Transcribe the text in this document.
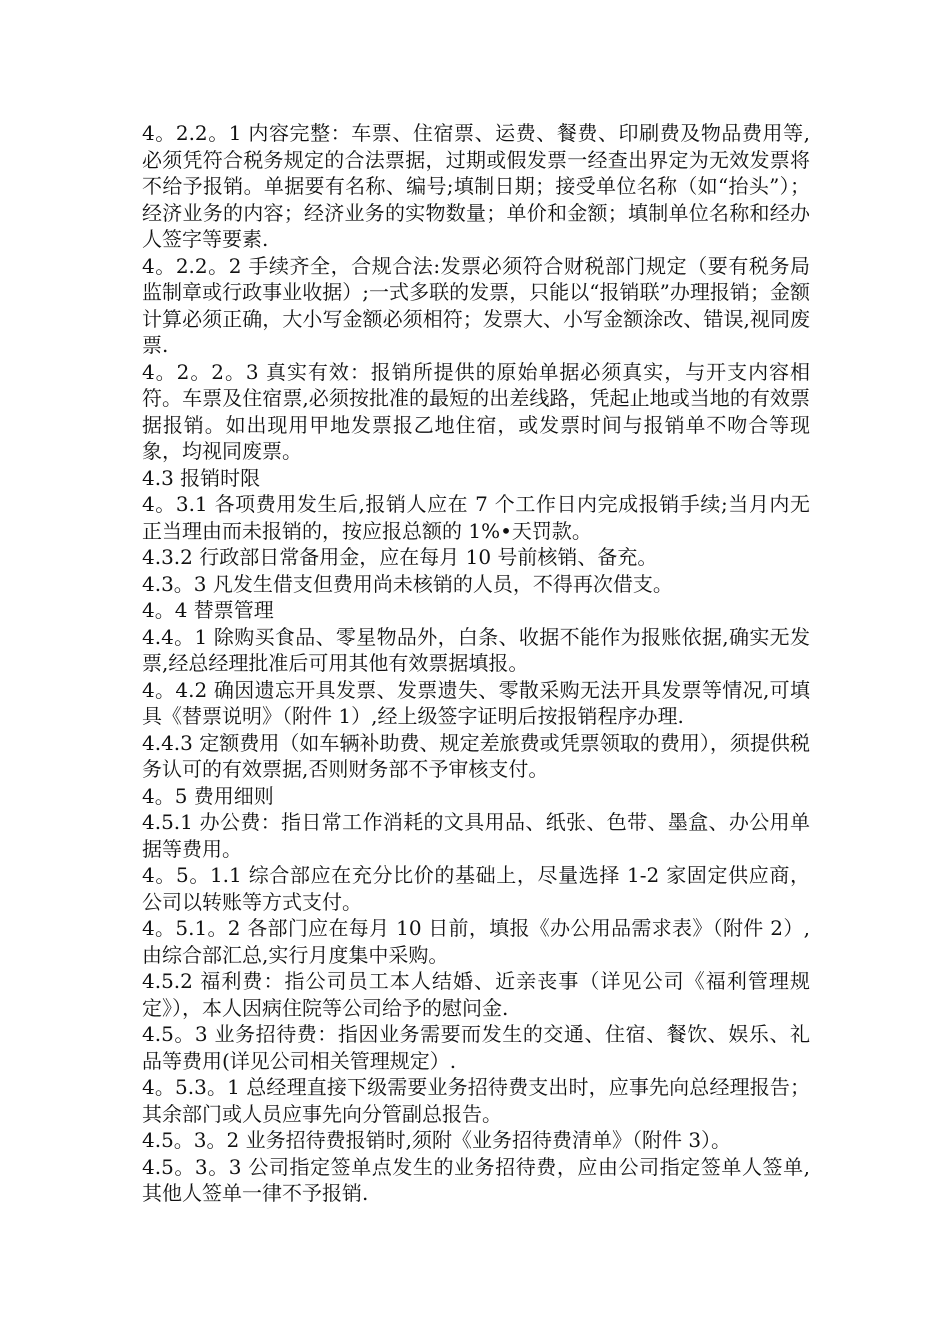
4。2.2。1 内容完整：车票、住宿票、运费、餐费、印刷费及物品费用等,必须凭符合税务规定的合法票据，过期或假发票一经查出界定为无效发票将不给予报销。单据要有名称、编号;填制日期；接受单位名称（如“抬头”）；经济业务的内容；经济业务的实物数量；单价和金额；填制单位名称和经办人签字等要素.

4。2.2。2 手续齐全，合规合法:发票必须符合财税部门规定（要有税务局监制章或行政事业收据）;一式多联的发票，只能以“报销联”办理报销；金额计算必须正确，大小写金额必须相符；发票大、小写金额涂改、错误,视同废票.

4。2。2。3 真实有效：报销所提供的原始单据必须真实，与开支内容相符。车票及住宿票,必须按批准的最短的出差线路，凭起止地或当地的有效票据报销。如出现用甲地发票报乙地住宿，或发票时间与报销单不吻合等现象，均视同废票。

4.3 报销时限

4。3.1 各项费用发生后,报销人应在 7 个工作日内完成报销手续;当月内无正当理由而未报销的，按应报总额的 1%•天罚款。

4.3.2 行政部日常备用金，应在每月 10 号前核销、备充。

4.3。3 凡发生借支但费用尚未核销的人员，不得再次借支。

4。4 替票管理

4.4。1 除购买食品、零星物品外，白条、收据不能作为报账依据,确实无发票,经总经理批准后可用其他有效票据填报。

4。4.2 确因遗忘开具发票、发票遗失、零散采购无法开具发票等情况,可填具《替票说明》（附件 1）,经上级签字证明后按报销程序办理.

4.4.3 定额费用（如车辆补助费、规定差旅费或凭票领取的费用），须提供税务认可的有效票据,否则财务部不予审核支付。

4。5 费用细则

4.5.1 办公费：指日常工作消耗的文具用品、纸张、色带、墨盒、办公用单据等费用。

4。5。1.1 综合部应在充分比价的基础上，尽量选择 1-2 家固定供应商，公司以转账等方式支付。

4。5.1。2 各部门应在每月 10 日前，填报《办公用品需求表》（附件 2）,由综合部汇总,实行月度集中采购。

4.5.2 福利费：指公司员工本人结婚、近亲丧事（详见公司《福利管理规定》），本人因病住院等公司给予的慰问金.

4.5。3 业务招待费：指因业务需要而发生的交通、住宿、餐饮、娱乐、礼品等费用(详见公司相关管理规定）.

4。5.3。1 总经理直接下级需要业务招待费支出时，应事先向总经理报告；其余部门或人员应事先向分管副总报告。

4.5。3。2 业务招待费报销时,须附《业务招待费清单》（附件 3）。

4.5。3。3 公司指定签单点发生的业务招待费，应由公司指定签单人签单,其他人签单一律不予报销.
